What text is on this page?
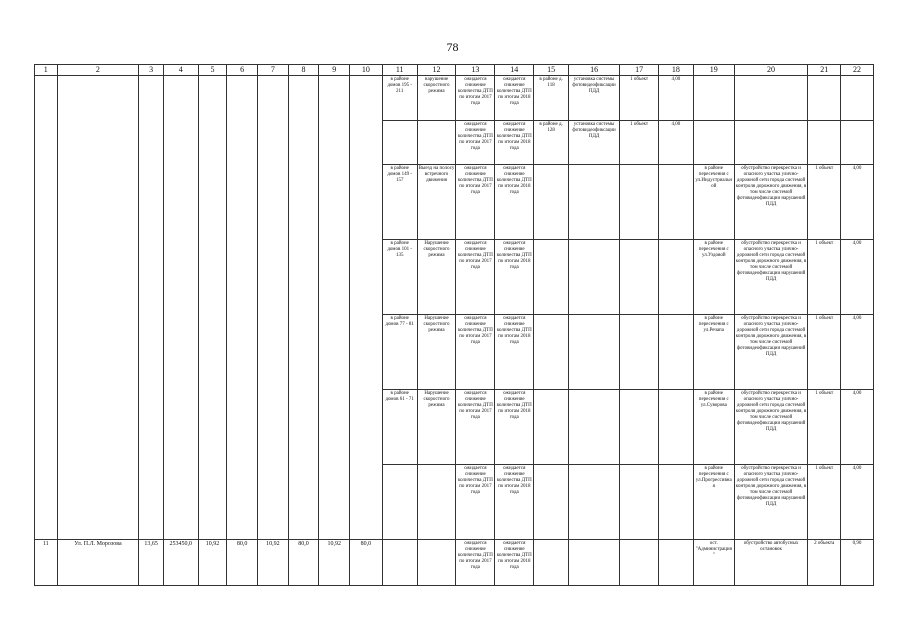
78
1	2	3	4	5	6	7	8	9	10	11	12	13	14	15	16	17	18	19	20	21	22
										в районе домов 195 - 211	нарушение скоростного режима	ожидается снижение количества ДТП по итогам 2017 года	ожидается снижение количества ДТП по итогам 2018 года	в районе д. 118	установка системы фотовидеофиксации ПДД	1 объект	4,00				
												ожидается снижение количества ДТП по итогам 2017 года	ожидается снижение количества ДТП по итогам 2018 года	в районе д. 128	установка системы фотовидеофиксации ПДД	1 объект	4,00				
										в районе домов 149 - 157	Выезд на полосу встречного движения	ожидается снижение количества ДТП по итогам 2017 года	ожидается снижение количества ДТП по итогам 2018 года					в районе пересечения с ул.Индустриальной	обустройство перекрестка и опасного участка улично-дорожной сети города системой контроля дорожного движения, в том числе системой фотовидеофиксации нарушений ПДД	1 объект	4,00
										в районе домов 101 - 135	Нарушение скоростного режима	ожидается снижение количества ДТП по итогам 2017 года	ожидается снижение количества ДТП по итогам 2018 года					в районе пересечения с ул.Уздовой	обустройство перекрестка и опасного участка улично-дорожной сети города системой контроля дорожного движения, в том числе системой фотовидеофиксации нарушений ПДД	1 объект	4,00
										в районе домов 77 - 81	Нарушение скоростного режима	ожидается снижение количества ДТП по итогам 2017 года	ожидается снижение количества ДТП по итогам 2018 года					в районе пересечения с ул.Речапа	обустройство перекрестка и опасного участка улично-дорожной сети города системой контроля дорожного движения, в том числе системой фотовидеофиксации нарушений ПДД	1 объект	4,00
										в районе домов 61 - 71	Нарушение скоростного режима	ожидается снижение количества ДТП по итогам 2017 года	ожидается снижение количества ДТП по итогам 2018 года					в районе пересечения с ул.Суворова	обустройство перекрестка и опасного участка улично-дорожной сети города системой контроля дорожного движения, в том числе системой фотовидеофиксации нарушений ПДД	1 объект	4,00
												ожидается снижение количества ДТП по итогам 2017 года	ожидается снижение количества ДТП по итогам 2018 года					в районе пересечения с ул.Прогрессивная	обустройство перекрестка и опасного участка улично-дорожной сети города системой контроля дорожного движения, в том числе системой фотовидеофиксации нарушений ПДД	1 объект	4,00
11	Ул. П.Л. Морозова	13,65	253450,0	10,92	80,0	10,92	80,0	10,92	80,0			ожидается снижение количества ДТП по итогам 2017 года	ожидается снижение количества ДТП по итогам 2018 года					ост. "Администрация"	обустройство автобусных остановок	2 объекта	0,90
